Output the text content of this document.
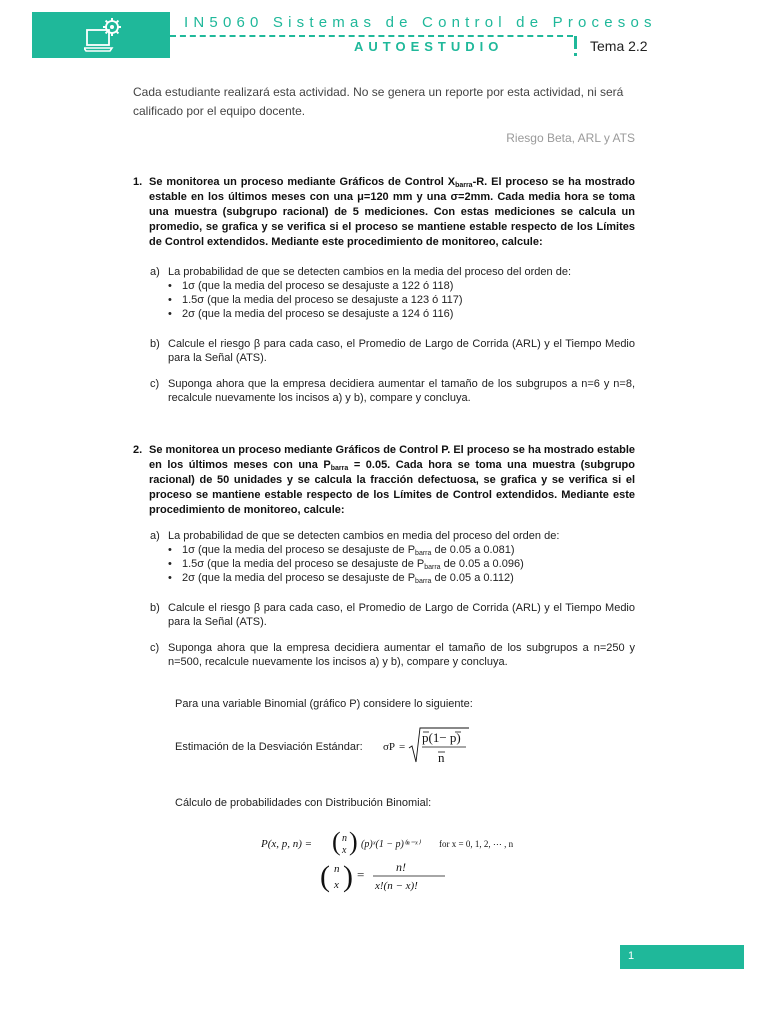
IN5060 Sistemas de Control de Procesos
AUTOESTUDIO	Tema 2.2
Cada estudiante realizará esta actividad. No se genera un reporte por esta actividad, ni será calificado por el equipo docente.
Riesgo Beta, ARL y ATS
1. Se monitorea un proceso mediante Gráficos de Control $X_{barra}-R$. El proceso se ha mostrado estable en los últimos meses con una μ=120 mm y una σ=2mm. Cada media hora se toma una muestra (subgrupo racional) de 5 mediciones. Con estas mediciones se calcula un promedio, se grafica y se verifica si el proceso se mantiene estable respecto de los Límites de Control extendidos. Mediante este procedimiento de monitoreo, calcule:
a) La probabilidad de que se detecten cambios en la media del proceso del orden de:
• 1σ (que la media del proceso se desajuste a 122 ó 118)
• 1.5σ (que la media del proceso se desajuste a 123 ó 117)
• 2σ (que la media del proceso se desajuste a 124 ó 116)
b) Calcule el riesgo β para cada caso, el Promedio de Largo de Corrida (ARL) y el Tiempo Medio para la Señal (ATS).
c) Suponga ahora que la empresa decidiera aumentar el tamaño de los subgrupos a n=6 y n=8, recalcule nuevamente los incisos a) y b), compare y concluya.
2. Se monitorea un proceso mediante Gráficos de Control P. El proceso se ha mostrado estable en los últimos meses con una $P_{barra} = 0.05$. Cada hora se toma una muestra (subgrupo racional) de 50 unidades y se calcula la fracción defectuosa, se grafica y se verifica si el proceso se mantiene estable respecto de los Límites de Control extendidos. Mediante este procedimiento de monitoreo, calcule:
a) La probabilidad de que se detecten cambios en media del proceso del orden de:
• 1σ (que la media del proceso se desajuste de $P_{barra}$ de 0.05 a 0.081)
• 1.5σ (que la media del proceso se desajuste de $P_{barra}$ de 0.05 a 0.096)
• 2σ (que la media del proceso se desajuste de $P_{barra}$ de 0.05 a 0.112)
b) Calcule el riesgo β para cada caso, el Promedio de Largo de Corrida (ARL) y el Tiempo Medio para la Señal (ATS).
c) Suponga ahora que la empresa decidiera aumentar el tamaño de los subgrupos a n=250 y n=500, recalcule nuevamente los incisos a) y b), compare y concluya.
Para una variable Binomial (gráfico P) considere lo siguiente:
Estimación de la Desviación Estándar: σP =
p(1− p)
n
Cálculo de probabilidades con Distribución Binomial:
P(x, p, n) = ( n
x ) (p)ˣ(1 − p)⁽ⁿ⁻ˣ⁾ for x = 0, 1, 2, ⋯ , n
( n
x ) =	n!
x!(n − x)!
1
